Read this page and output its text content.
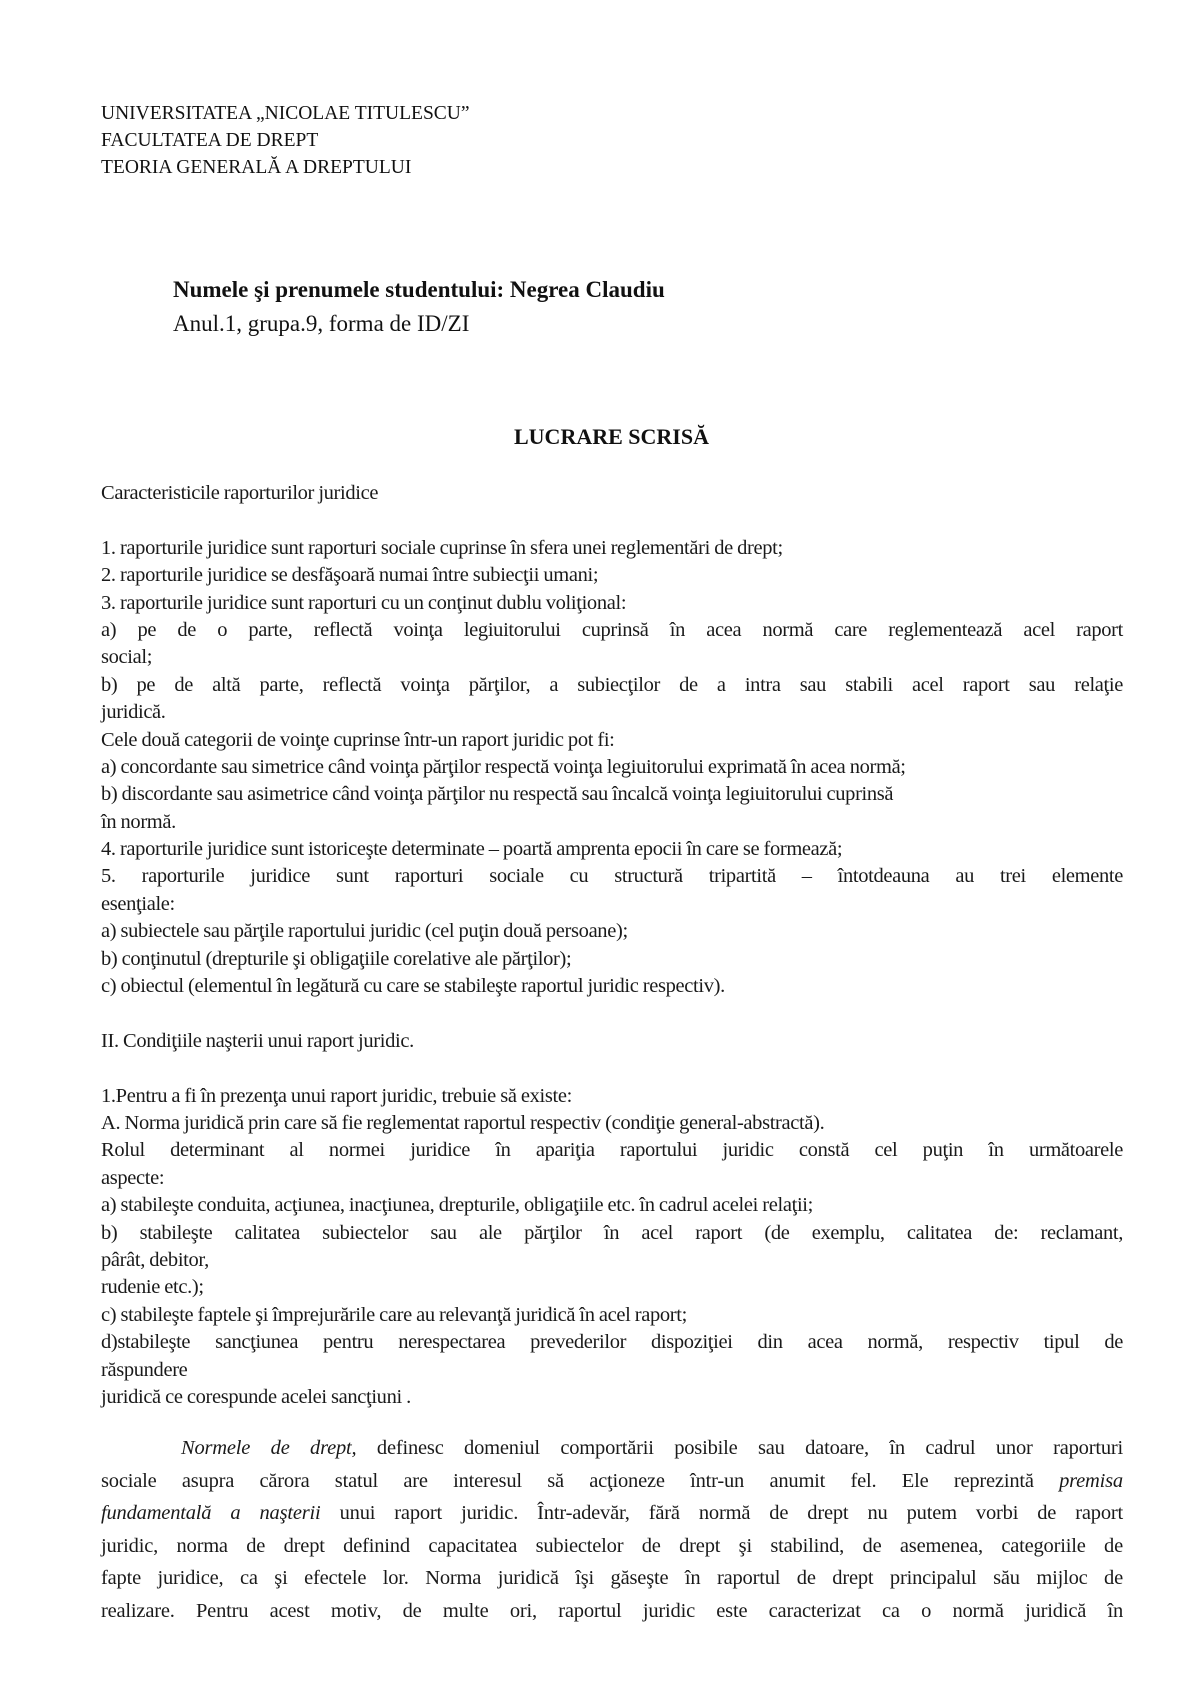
UNIVERSITATEA „NICOLAE TITULESCU”
FACULTATEA DE DREPT
TEORIA GENERALĂ A DREPTULUI
Numele şi prenumele studentului: Negrea Claudiu
Anul.1, grupa.9, forma de ID/ZI
LUCRARE SCRISĂ
Caracteristicile raporturilor juridice
1. raporturile juridice sunt raporturi sociale cuprinse în sfera unei reglementări de drept;
2. raporturile juridice se desfăşoară numai între subiecţii umani;
3. raporturile juridice sunt raporturi cu un conţinut dublu voliţional:
a) pe de o parte, reflectă voinţa legiuitorului cuprinsă în acea normă care reglementează acel raport
social;
b) pe de altă parte, reflectă voinţa părţilor, a subiecţilor de a intra sau stabili acel raport sau relaţie
juridică.
Cele două categorii de voinţe cuprinse într-un raport juridic pot fi:
a) concordante sau simetrice când voinţa părţilor respectă voinţa legiuitorului exprimată în acea normă;
b) discordante sau asimetrice când voinţa părţilor nu respectă sau încalcă voinţa legiuitorului cuprinsă
în normă.
4. raporturile juridice sunt istoriceşte determinate – poartă amprenta epocii în care se formează;
5. raporturile juridice sunt raporturi sociale cu structură tripartită – întotdeauna au trei elemente
esenţiale:
a) subiectele sau părţile raportului juridic (cel puţin două persoane);
b) conţinutul (drepturile şi obligaţiile corelative ale părţilor);
c) obiectul (elementul în legătură cu care se stabileşte raportul juridic respectiv).
II. Condiţiile naşterii unui raport juridic.
1.Pentru a fi în prezenţa unui raport juridic, trebuie să existe:
A. Norma juridică prin care să fie reglementat raportul respectiv (condiţie general-abstractă).
Rolul determinant al normei juridice în apariţia raportului juridic constă cel puţin în următoarele
aspecte:
a) stabileşte conduita, acţiunea, inacţiunea, drepturile, obligaţiile etc. în cadrul acelei relaţii;
b) stabileşte calitatea subiectelor sau ale părţilor în acel raport (de exemplu, calitatea de: reclamant,
pârât, debitor,
rudenie etc.);
c) stabileşte faptele şi împrejurările care au relevanţă juridică în acel raport;
d)stabileşte sancţiunea pentru nerespectarea prevederilor dispoziţiei din acea normă, respectiv tipul de
răspundere
juridică ce corespunde acelei sancţiuni .
Normele de drept, definesc domeniul comportării posibile sau datoare, în cadrul unor raporturi
sociale asupra cărora statul are interesul să acţioneze într-un anumit fel. Ele reprezintă premisa
fundamentală a naşterii unui raport juridic. Într-adevăr, fără normă de drept nu putem vorbi de raport
juridic, norma de drept definind capacitatea subiectelor de drept şi stabilind, de asemenea, categoriile de
fapte juridice, ca şi efectele lor. Norma juridică îşi găseşte în raportul de drept principalul său mijloc de
realizare. Pentru acest motiv, de multe ori, raportul juridic este caracterizat ca o normă juridică în
